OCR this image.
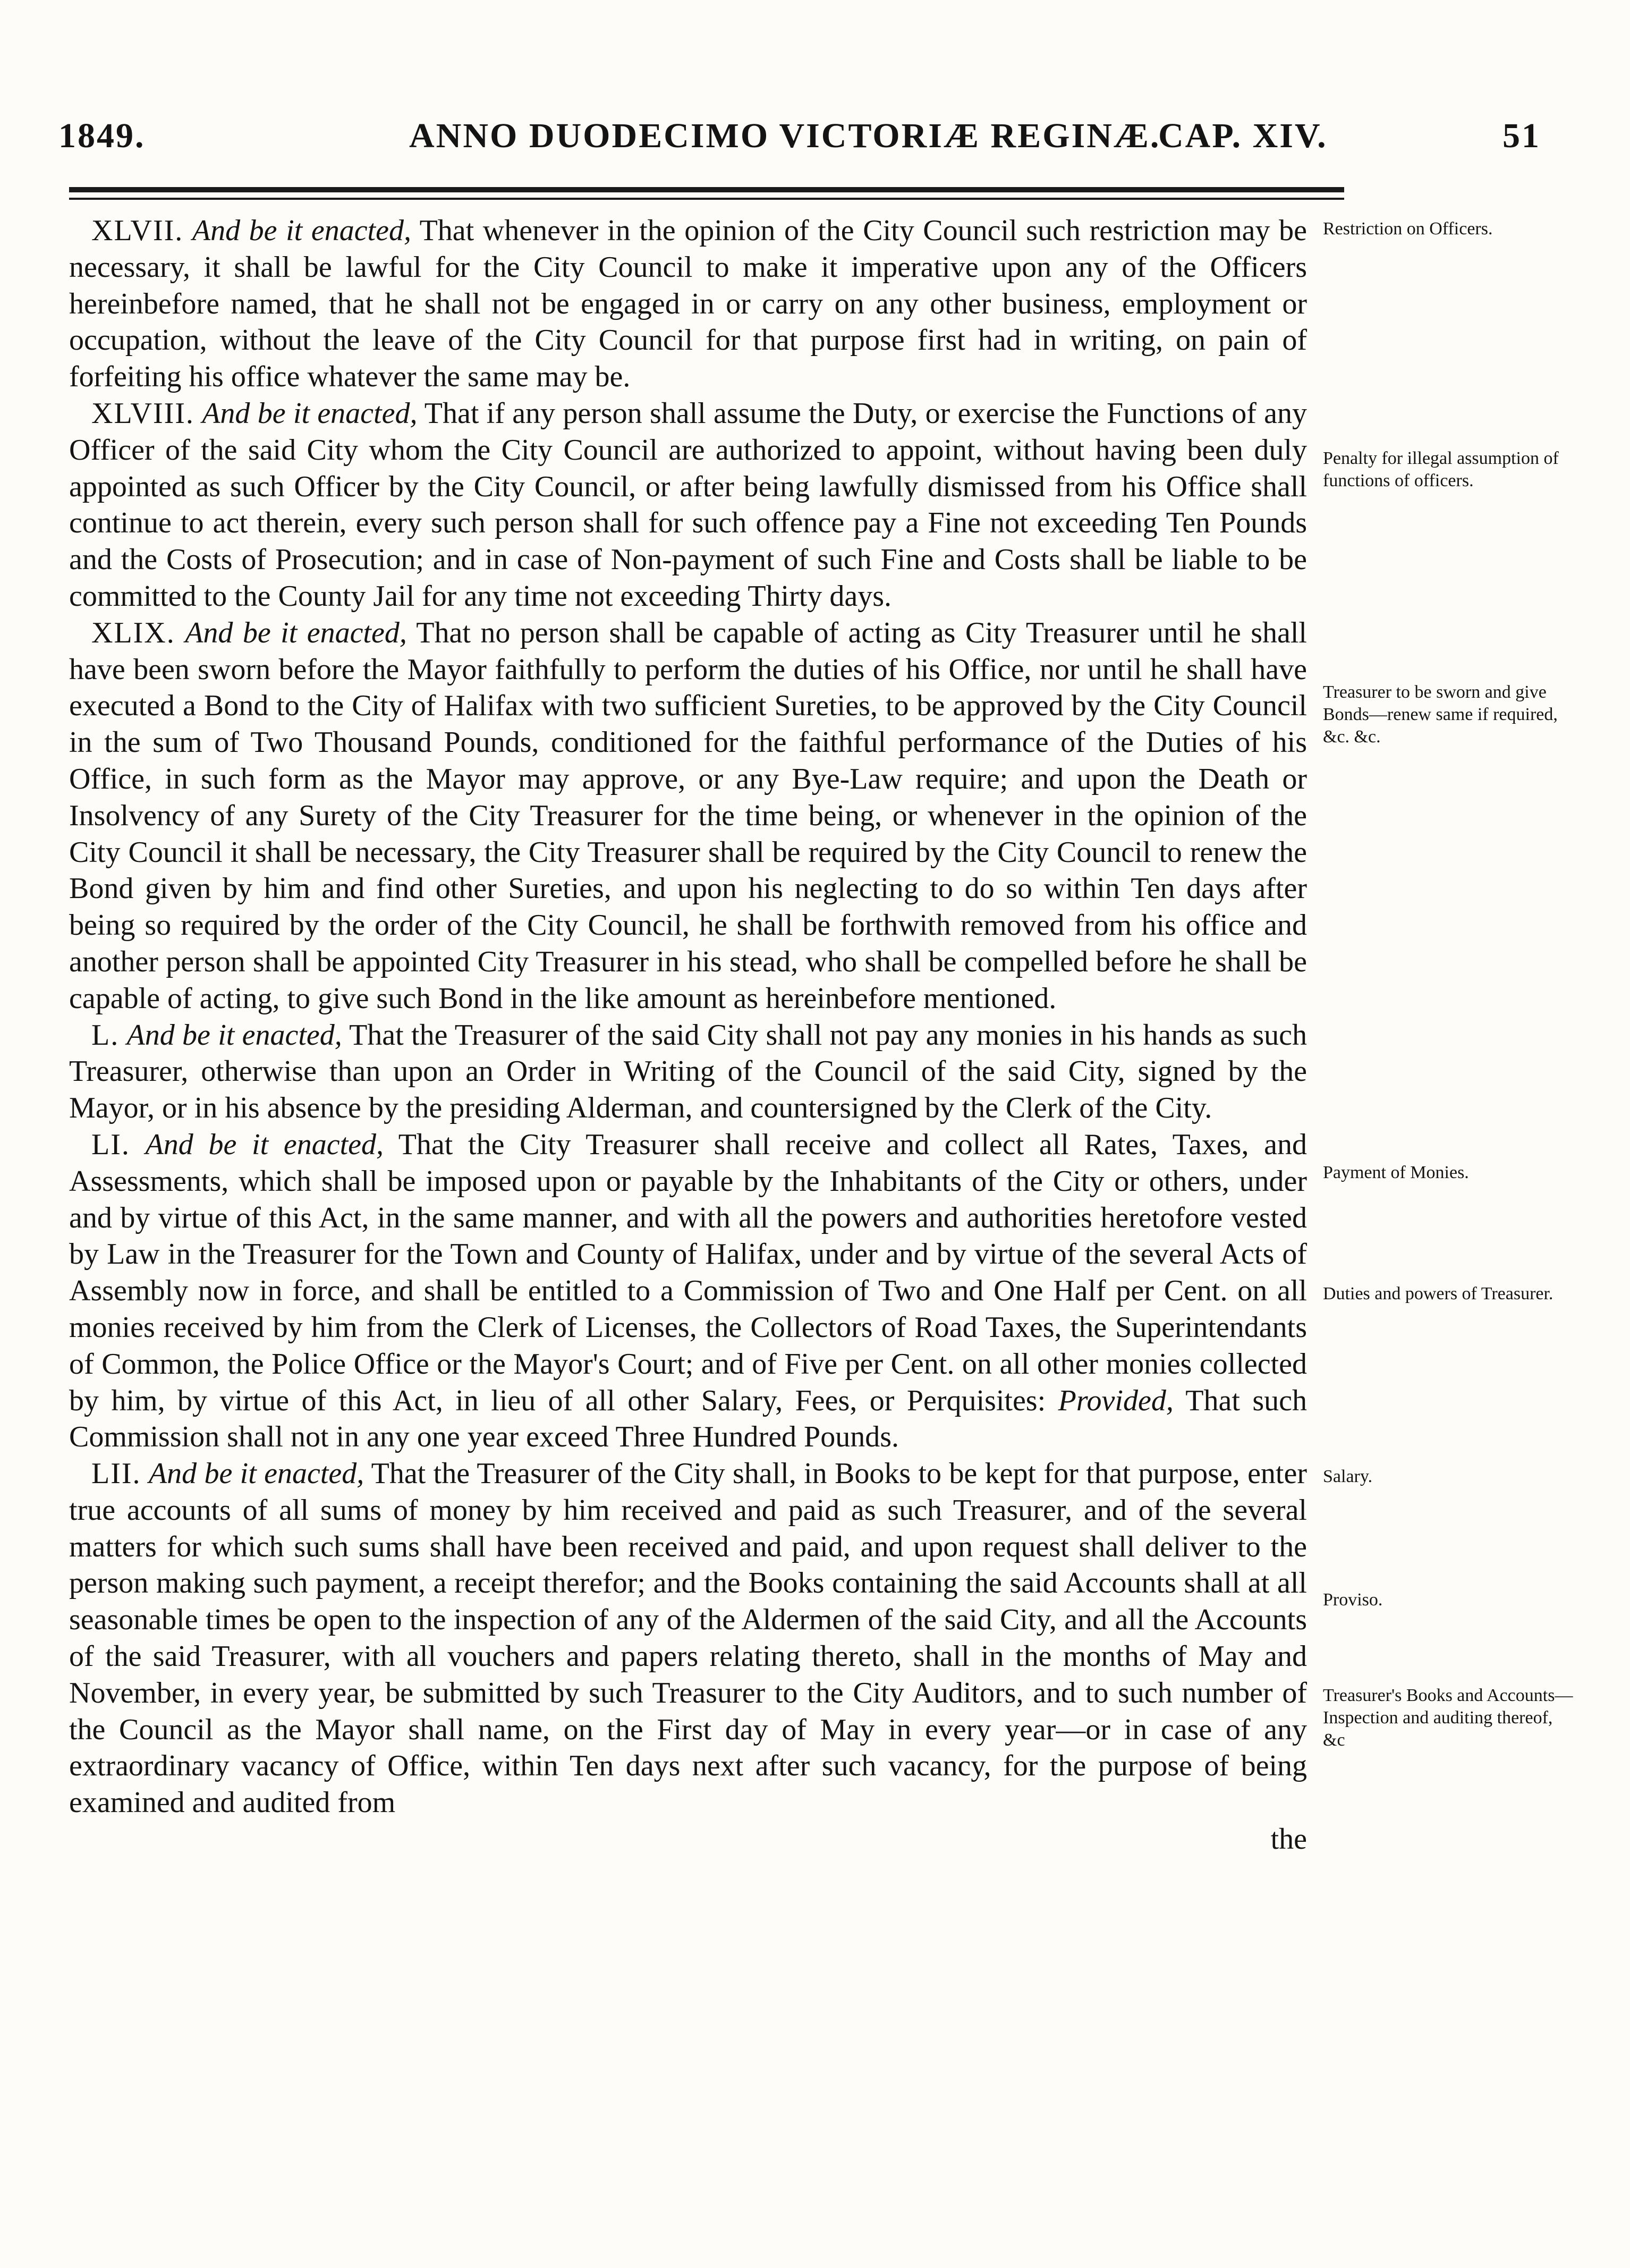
1849.	ANNO DUODECIMO VICTORIÆ REGINÆ.
CAP. XIV.	51

XLVII. And be it enacted, That whenever in the opinion of the City Council such restriction may be necessary, it shall be lawful for the City Council to make it imperative upon any of the Officers hereinbefore named, that he shall not be engaged in or carry on any other business, employment or occupation, without the leave of the City Council for that purpose first had in writing, on pain of forfeiting his office whatever the same may be.

XLVIII. And be it enacted, That if any person shall assume the Duty, or exercise the Functions of any Officer of the said City whom the City Council are authorized to appoint, without having been duly appointed as such Officer by the City Council, or after being lawfully dismissed from his Office shall continue to act therein, every such person shall for such offence pay a Fine not exceeding Ten Pounds and the Costs of Prosecution; and in case of Non-payment of such Fine and Costs shall be liable to be committed to the County Jail for any time not exceeding Thirty days.

XLIX. And be it enacted, That no person shall be capable of acting as City Treasurer until he shall have been sworn before the Mayor faithfully to perform the duties of his Office, nor until he shall have executed a Bond to the City of Halifax with two sufficient Sureties, to be approved by the City Council in the sum of Two Thousand Pounds, conditioned for the faithful performance of the Duties of his Office, in such form as the Mayor may approve, or any Bye-Law require; and upon the Death or Insolvency of any Surety of the City Treasurer for the time being, or whenever in the opinion of the City Council it shall be necessary, the City Treasurer shall be required by the City Council to renew the Bond given by him and find other Sureties, and upon his neglecting to do so within Ten days after being so required by the order of the City Council, he shall be forthwith removed from his office and another person shall be appointed City Treasurer in his stead, who shall be compelled before he shall be capable of acting, to give such Bond in the like amount as hereinbefore mentioned.

L. And be it enacted, That the Treasurer of the said City shall not pay any monies in his hands as such Treasurer, otherwise than upon an Order in Writing of the Council of the said City, signed by the Mayor, or in his absence by the presiding Alderman, and countersigned by the Clerk of the City.

LI. And be it enacted, That the City Treasurer shall receive and collect all Rates, Taxes, and Assessments, which shall be imposed upon or payable by the Inhabitants of the City or others, under and by virtue of this Act, in the same manner, and with all the powers and authorities heretofore vested by Law in the Treasurer for the Town and County of Halifax, under and by virtue of the several Acts of Assembly now in force, and shall be entitled to a Commission of Two and One Half per Cent. on all monies received by him from the Clerk of Licenses, the Collectors of Road Taxes, the Superintendants of Common, the Police Office or the Mayor's Court; and of Five per Cent. on all other monies collected by him, by virtue of this Act, in lieu of all other Salary, Fees, or Perquisites: Provided, That such Commission shall not in any one year exceed Three Hundred Pounds.

LII. And be it enacted, That the Treasurer of the City shall, in Books to be kept for that purpose, enter true accounts of all sums of money by him received and paid as such Treasurer, and of the several matters for which such sums shall have been received and paid, and upon request shall deliver to the person making such payment, a receipt therefor; and the Books containing the said Accounts shall at all seasonable times be open to the inspection of any of the Aldermen of the said City, and all the Accounts of the said Treasurer, with all vouchers and papers relating thereto, shall in the months of May and November, in every year, be submitted by such Treasurer to the City Auditors, and to such number of the Council as the Mayor shall name, on the First day of May in every year—or in case of any extraordinary vacancy of Office, within Ten days next after such vacancy, for the purpose of being examined and audited from

the
Restriction on Officers.
Penalty for illegal assumption of functions of officers.
Treasurer to be sworn and give Bonds—renew same if required, &c. &c.
Payment of Monies.
Duties and powers of Treasurer.
Salary.
Proviso.
Treasurer's Books and Accounts—Inspection and auditing thereof, &c
